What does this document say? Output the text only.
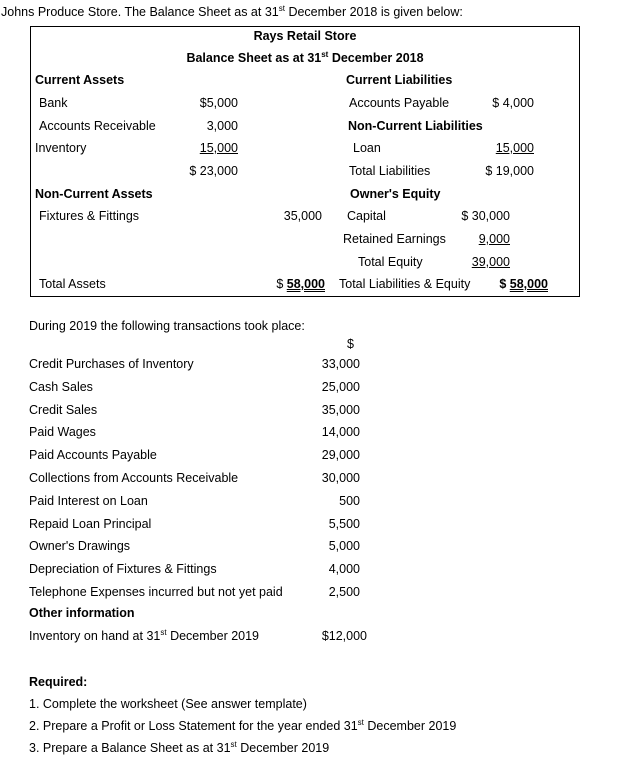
Johns Produce Store. The Balance Sheet as at 31st December 2018 is given below:
Rays Retail Store
Balance Sheet as at 31st December 2018
Current Assets
Bank	$5,000
Accounts Receivable	3,000
Inventory	15,000
$ 23,000
Non-Current Assets
Fixtures & Fittings	35,000
Total Assets	$ 58,000
Current Liabilities
Accounts Payable	$ 4,000
Non-Current Liabilities
Loan	15,000
Total Liabilities	$ 19,000
Owner's Equity
Capital	$ 30,000
Retained Earnings	9,000
Total Equity	39,000
Total Liabilities & Equity	$ 58,000
During 2019 the following transactions took place:
$
Credit Purchases of Inventory	33,000
Cash Sales	25,000
Credit Sales	35,000
Paid Wages	14,000
Paid Accounts Payable	29,000
Collections from Accounts Receivable	30,000
Paid Interest on Loan	500
Repaid Loan Principal	5,500
Owner's Drawings	5,000
Depreciation of Fixtures & Fittings	4,000
Telephone Expenses incurred but not yet paid	2,500
Other information
Inventory on hand at 31st December 2019	$12,000
Required:
1. Complete the worksheet (See answer template)
2. Prepare a Profit or Loss Statement for the year ended 31st December 2019
3. Prepare a Balance Sheet as at 31st December 2019
